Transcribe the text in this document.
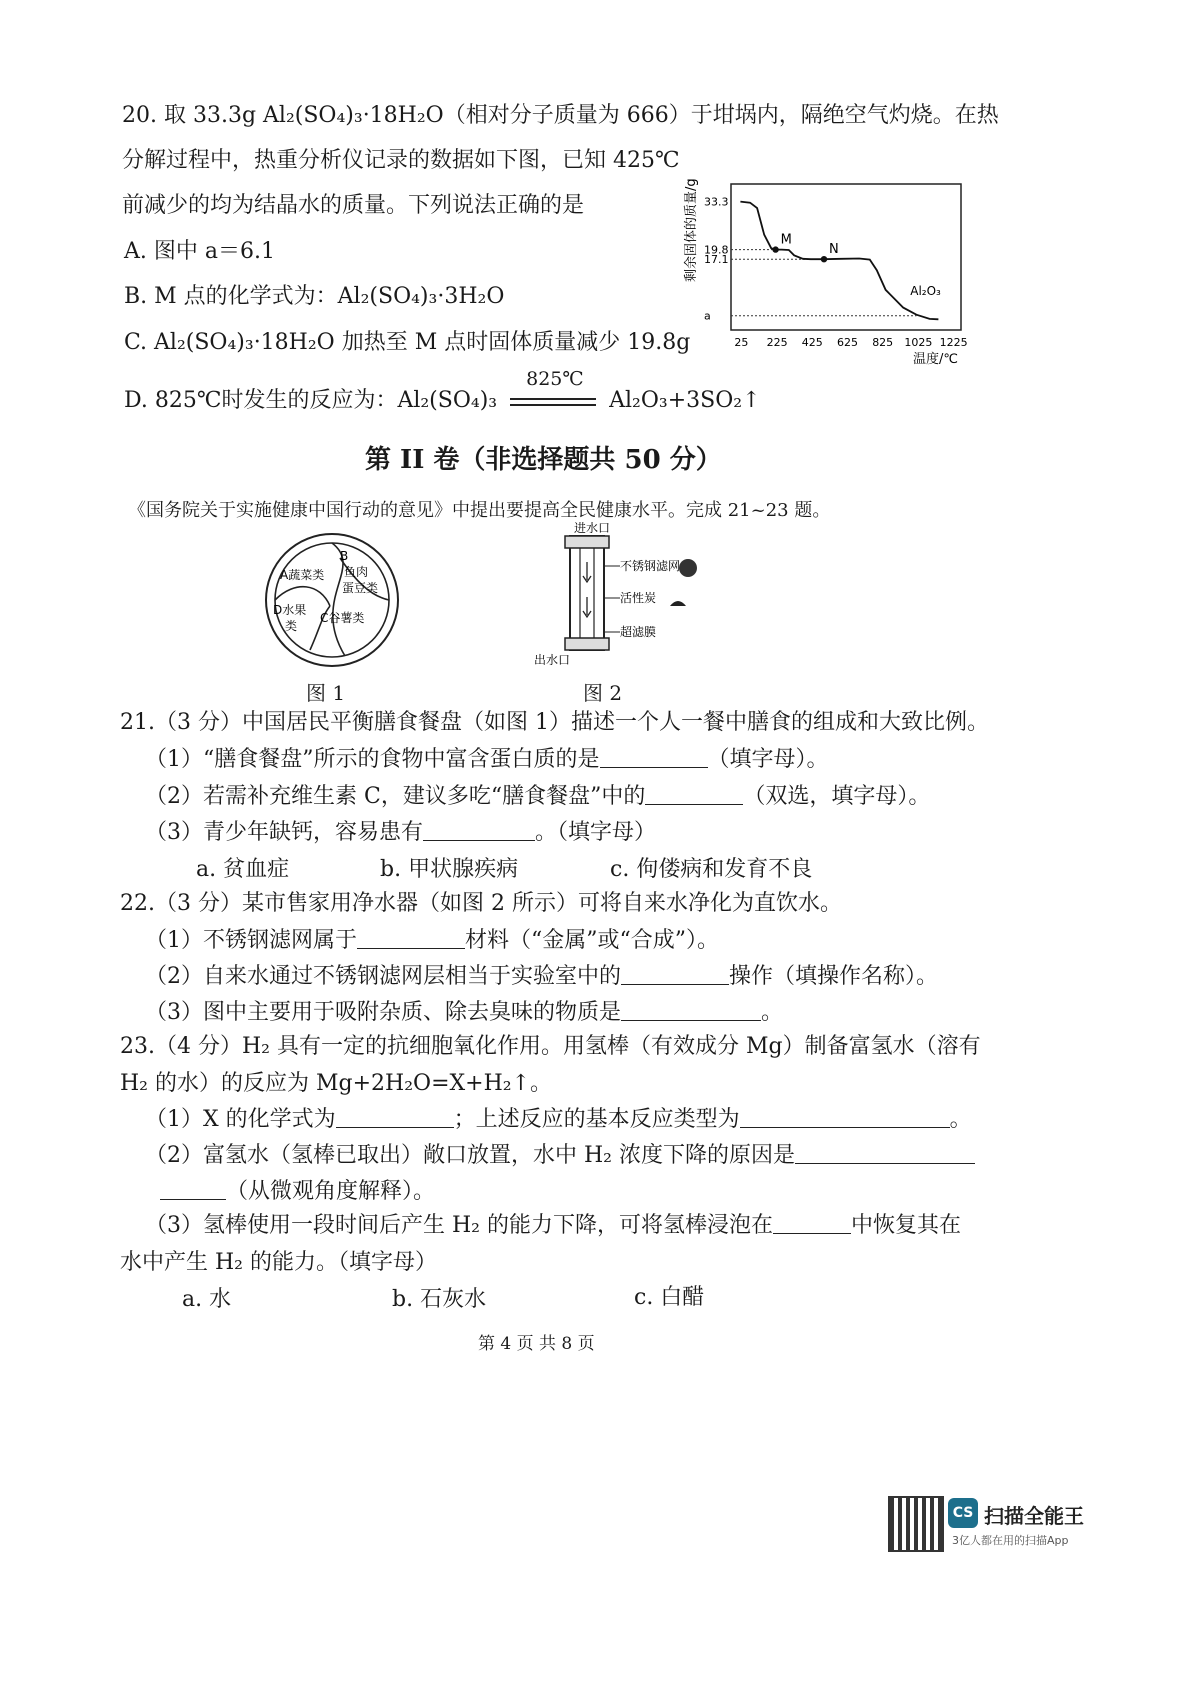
20. 取 33.3g Al₂(SO₄)₃·18H₂O（相对分子质量为 666）于坩埚内，隔绝空气灼烧。在热
分解过程中，热重分析仪记录的数据如下图，已知 425℃
前减少的均为结晶水的质量。下列说法正确的是
A. 图中 a＝6.1
B. M 点的化学式为：Al₂(SO₄)₃·3H₂O
C. Al₂(SO₄)₃·18H₂O 加热至 M 点时固体质量减少 19.8g
D. 825℃时发生的反应为：Al₂(SO₄)₃
825℃
Al₂O₃+3SO₂↑
33.3
19.8
17.1
a
25 225 425 625 825 1025 1225
M
N
Al₂O₃
剩余固体的质量/g
温度/℃
第 II 卷（非选择题共 50 分）
《国务院关于实施健康中国行动的意见》中提出要提高全民健康水平。完成 21~23 题。
A蔬菜类
B
鱼肉
蛋豆类
C谷薯类
D水果
类
图 1
进水口
不锈钢滤网
活性炭
超滤膜
出水口
图 2
21.（3 分）中国居民平衡膳食餐盘（如图 1）描述一个人一餐中膳食的组成和大致比例。
（1）“膳食餐盘”所示的食物中富含蛋白质的是	（填字母）。
（2）若需补充维生素 C，建议多吃“膳食餐盘”中的	（双选，填字母）。
（3）青少年缺钙，容易患有	。（填字母）
a. 贫血症	b. 甲状腺疾病	c. 佝偻病和发育不良
22.（3 分）某市售家用净水器（如图 2 所示）可将自来水净化为直饮水。
（1）不锈钢滤网属于	材料（“金属”或“合成”）。
（2）自来水通过不锈钢滤网层相当于实验室中的	操作（填操作名称）。
（3）图中主要用于吸附杂质、除去臭味的物质是	。
23.（4 分）H₂ 具有一定的抗细胞氧化作用。用氢棒（有效成分 Mg）制备富氢水（溶有
H₂ 的水）的反应为 Mg+2H₂O=X+H₂↑。
（1）X 的化学式为	；上述反应的基本反应类型为	。
（2）富氢水（氢棒已取出）敞口放置，水中 H₂ 浓度下降的原因是
（从微观角度解释）。
（3）氢棒使用一段时间后产生 H₂ 的能力下降，可将氢棒浸泡在	中恢复其在
水中产生 H₂ 的能力。（填字母）
a. 水	b. 石灰水	c. 白醋
第 4 页 共 8 页
CS 扫描全能王
3亿人都在用的扫描App
